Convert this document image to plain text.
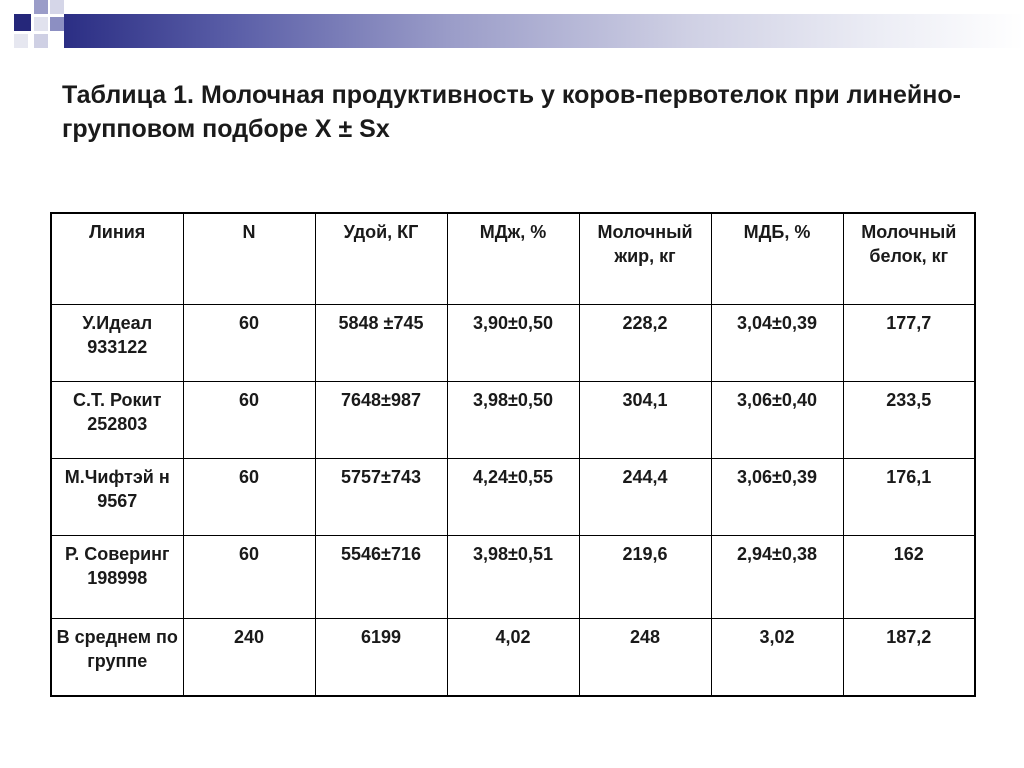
Таблица 1. Молочная продуктивность у коров-первотелок при линейно-групповом подборе X ± Sx
Линия	N	Удой, КГ	МДж, %	Молочный жир, кг	МДБ, %	Молочный белок, кг
У.Идеал 933122	60	5848 ±745	3,90±0,50	228,2	3,04±0,39	177,7
С.Т. Рокит 252803	60	7648±987	3,98±0,50	304,1	3,06±0,40	233,5
М.Чифтэй н 9567	60	5757±743	4,24±0,55	244,4	3,06±0,39	176,1
Р. Соверинг 198998	60	5546±716	3,98±0,51	219,6	2,94±0,38	162
В среднем по группе	240	6199	4,02	248	3,02	187,2
